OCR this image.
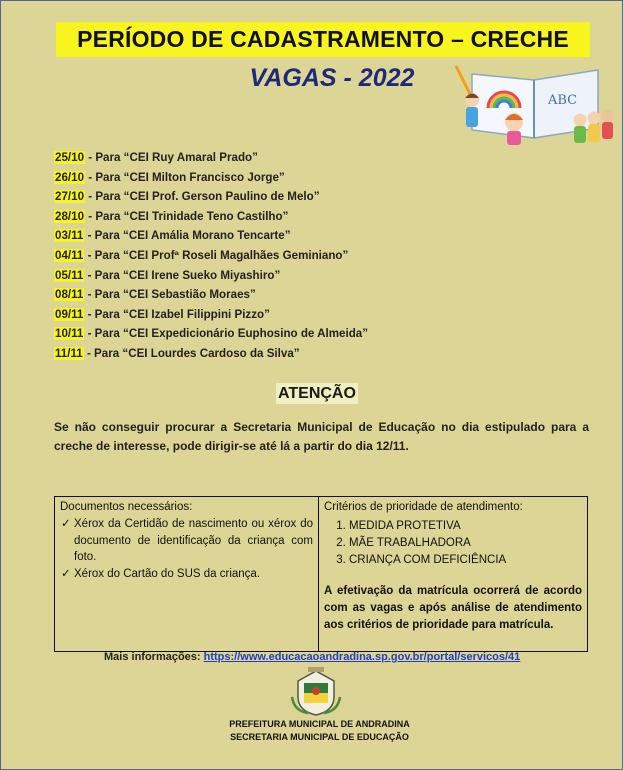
PERÍODO DE CADASTRAMENTO – CRECHE
VAGAS - 2022
ABC
25/10 - Para “CEI Ruy Amaral Prado”
26/10 - Para “CEI Milton Francisco Jorge”
27/10 - Para “CEI Prof. Gerson Paulino de Melo”
28/10 - Para “CEI Trinidade Teno Castilho”
03/11 - Para “CEI Amália Morano Tencarte”
04/11 - Para “CEI Profª Roseli Magalhães Geminiano”
05/11 - Para “CEI Irene Sueko Miyashiro”
08/11 - Para “CEI Sebastião Moraes”
09/11 - Para “CEI Izabel Filippini Pizzo”
10/11 - Para “CEI Expedicionário Euphosino de Almeida”
11/11 - Para “CEI Lourdes Cardoso da Silva”
ATENÇÃO

Se não conseguir procurar a Secretaria Municipal de Educação no dia estipulado para a creche de interesse, pode dirigir-se até lá a partir do dia 12/11.

Documentos necessários:
✓ Xérox da Certidão de nascimento ou xérox do documento de identificação da criança com foto.
✓ Xérox do Cartão do SUS da criança.
Critérios de prioridade de atendimento:
1. MEDIDA PROTETIVA
2. MÃE TRABALHADORA
3. CRIANÇA COM DEFICIÊNCIA

A efetivação da matrícula ocorrerá de acordo com as vagas e após análise de atendimento aos critérios de prioridade para matrícula.

Mais informações: https://www.educacaoandradina.sp.gov.br/portal/servicos/41
PREFEITURA MUNICIPAL DE ANDRADINA
SECRETARIA MUNICIPAL DE EDUCAÇÃO
